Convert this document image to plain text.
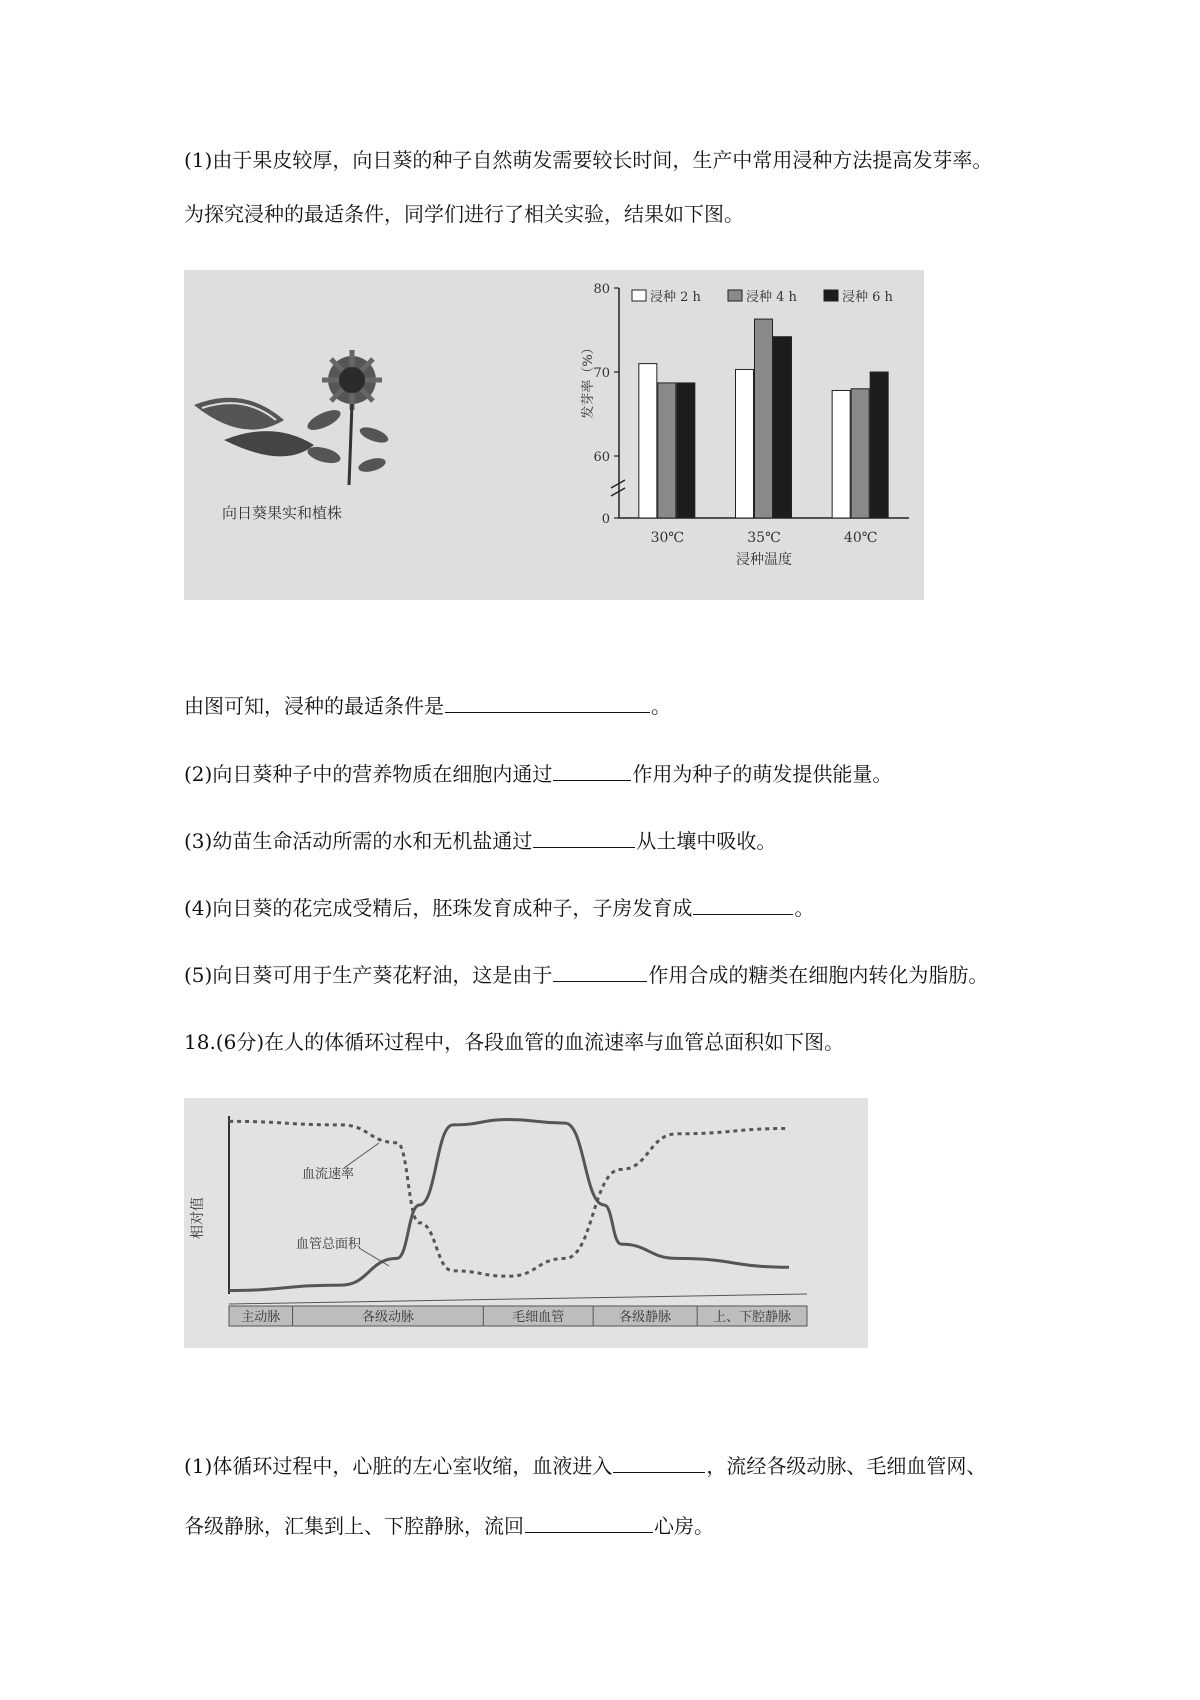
(1)由于果皮较厚，向日葵的种子自然萌发需要较长时间，生产中常用浸种方法提高发芽率。
为探究浸种的最适条件，同学们进行了相关实验，结果如下图。
向日葵果实和植株	0
60
70
80
发芽率（%）
30℃	35℃	40℃
浸种温度
浸种 2 h	浸种 4 h	浸种 6 h
由图可知，浸种的最适条件是	。
(2)向日葵种子中的营养物质在细胞内通过	作用为种子的萌发提供能量。
(3)幼苗生命活动所需的水和无机盐通过	从土壤中吸收。
(4)向日葵的花完成受精后，胚珠发育成种子，子房发育成	。
(5)向日葵可用于生产葵花籽油，这是由于	作用合成的糖类在细胞内转化为脂肪。
18.(6分)在人的体循环过程中，各段血管的血流速率与血管总面积如下图。
相对值
主动脉	各级动脉	毛细血管	各级静脉	上、下腔静脉
血流速率
血管总面积
(1)体循环过程中，心脏的左心室收缩，血液进入	，流经各级动脉、毛细血管网、
各级静脉，汇集到上、下腔静脉，流回	心房。
